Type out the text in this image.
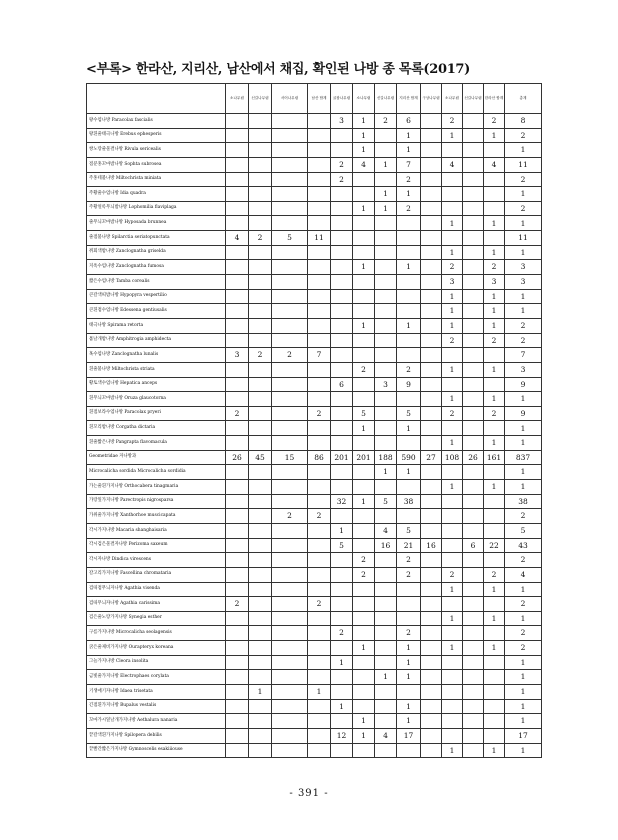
<부록> 한라산, 지리산, 남산에서 채집, 확인된 나방 종 목록(2017)
	소나무림	신갈나무림	서어나무림	남산 합계	굴참나무림	소나무림	신갈나무림	지리산 합계	구상나무림	소나무림	신갈나무림	한라산 합계	총계
왕수염나방 Paracolax fascialis					3	1	2	6		2		2	8
왕흰줄태극나방 Erebus ephesperis						1		1		1		1	2
쌍노랑줄물결나방 Rivula sericealis						1		1					1
점분홍꼬마밤나방 Sophta subrosea					2	4	1	7		4		4	11
주홍테불나방 Miltochrista miniata					2			2					2
주황줄수염나방 Idia quadra							1	1					1
주황얼룩무늬밤나방 Lophomilia flaviplaga						1	1	2					2
줄무늬꼬마밤나방 Hyposada brunnea										1		1	1
줄점불나방 Spilarctia seriatopunctata	4	2	5	11									11
쥐회색밤나방 Zanclognatha griselda										1		1	1
지옥수염나방 Zanclognatha fumosa						1		1		2		2	3
짧은수염나방 Tamba corealis										3		3	3
큰갈색띠밤나방 Hypopyra vespertilio										1		1	1
큰흰점수염나방 Edessena gentiusalis										1		1	1
태극나방 Spirama retorta						1		1		1		1	2
톱날개밤나방 Amphitrogia amphidecta										2		2	2
혹수염나방 Zanclognatha lunalis	3	2	2	7									7
흰줄불나방 Miltochrista striata						2		2		1		1	3
황토색수염나방 Hepatica anceps					6		3	9					9
흰무늬꼬마밤나방 Oruza glaucotorna										1		1	1
흰점보라수염나방 Paracolax pryeri	2			2		5		5		2		2	9
흰꼬리밤나방 Corgatha dictaria						1		1					1
흰줄짧은나방 Pangrapta flavomacula										1		1	1
Geometridae 자나방과	26	45	15	86	201	201	188	590	27	108	26	161	837
Microcalicha sordida Microcalicha sordidia							1	1					1
가는줄흰가지나방 Orthocabera tinagmaria										1		1	1
가랑잎가지나방 Parectropis nigrosparsa					32	1	5	38					38
가위줄가지나방 Xanthorhoe muscicapata			2	2									2
각시가지나방 Macaria shanghaisaria					1		4	5					5
각시검은물결자나방 Perizoma saxeum					5		16	21	16		6	22	43
각시자나방 Dindica virescens						2		2					2
갈고리가지나방 Fascellina chromataria						2		2		2		2	4
검띠점무늬자나방 Agathia visenda										1		1	1
검띠무늬자나방 Agathia carissima	2			2									2
검은줄노랑가지나방 Synegia esther										1		1	1
구름가지나방 Microcalicha seolagensis					2			2					2
굵은줄제비가지나방 Ourapteryx koreana						1		1		1		1	2
그늘가지나방 Cleora insolita					1			1					1
금빛줄가지나방 Electrophaes corylata							1	1					1
기생애기자나방 Idaea trisetata		1		1									1
긴점흰가지나방 Bupalus vestalis					1			1					1
꼬마가시잎날개가지나방 Aethalura nanaria						1		1					1
끝갈색흰가지나방 Spilopera debilis					12	1	4	17					17
끝빨간짧은가지나방 Gymnoscelis esakiiiouse										1		1	1
- 391 -
